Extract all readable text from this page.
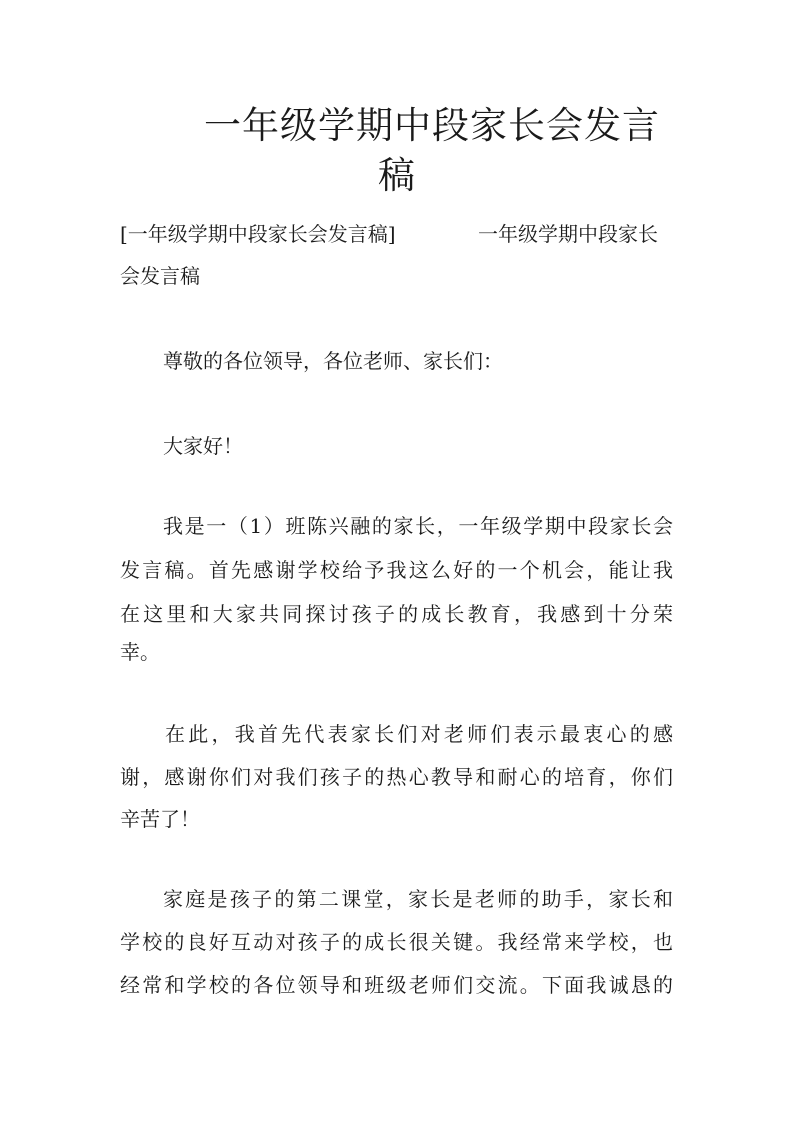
一年级学期中段家长会发言
稿

[一年级学期中段家长会发言稿]	一年级学期中段家长

会发言稿

尊敬的各位领导，各位老师、家长们：

大家好！

我是一（1）班陈兴融的家长，一年级学期中段家长会

发言稿。首先感谢学校给予我这么好的一个机会，能让我

在这里和大家共同探讨孩子的成长教育，我感到十分荣

幸。

在此，我首先代表家长们对老师们表示最衷心的感

谢，感谢你们对我们孩子的热心教导和耐心的培育，你们

辛苦了！

家庭是孩子的第二课堂，家长是老师的助手，家长和

学校的良好互动对孩子的成长很关键。我经常来学校，也

经常和学校的各位领导和班级老师们交流。下面我诚恳的
